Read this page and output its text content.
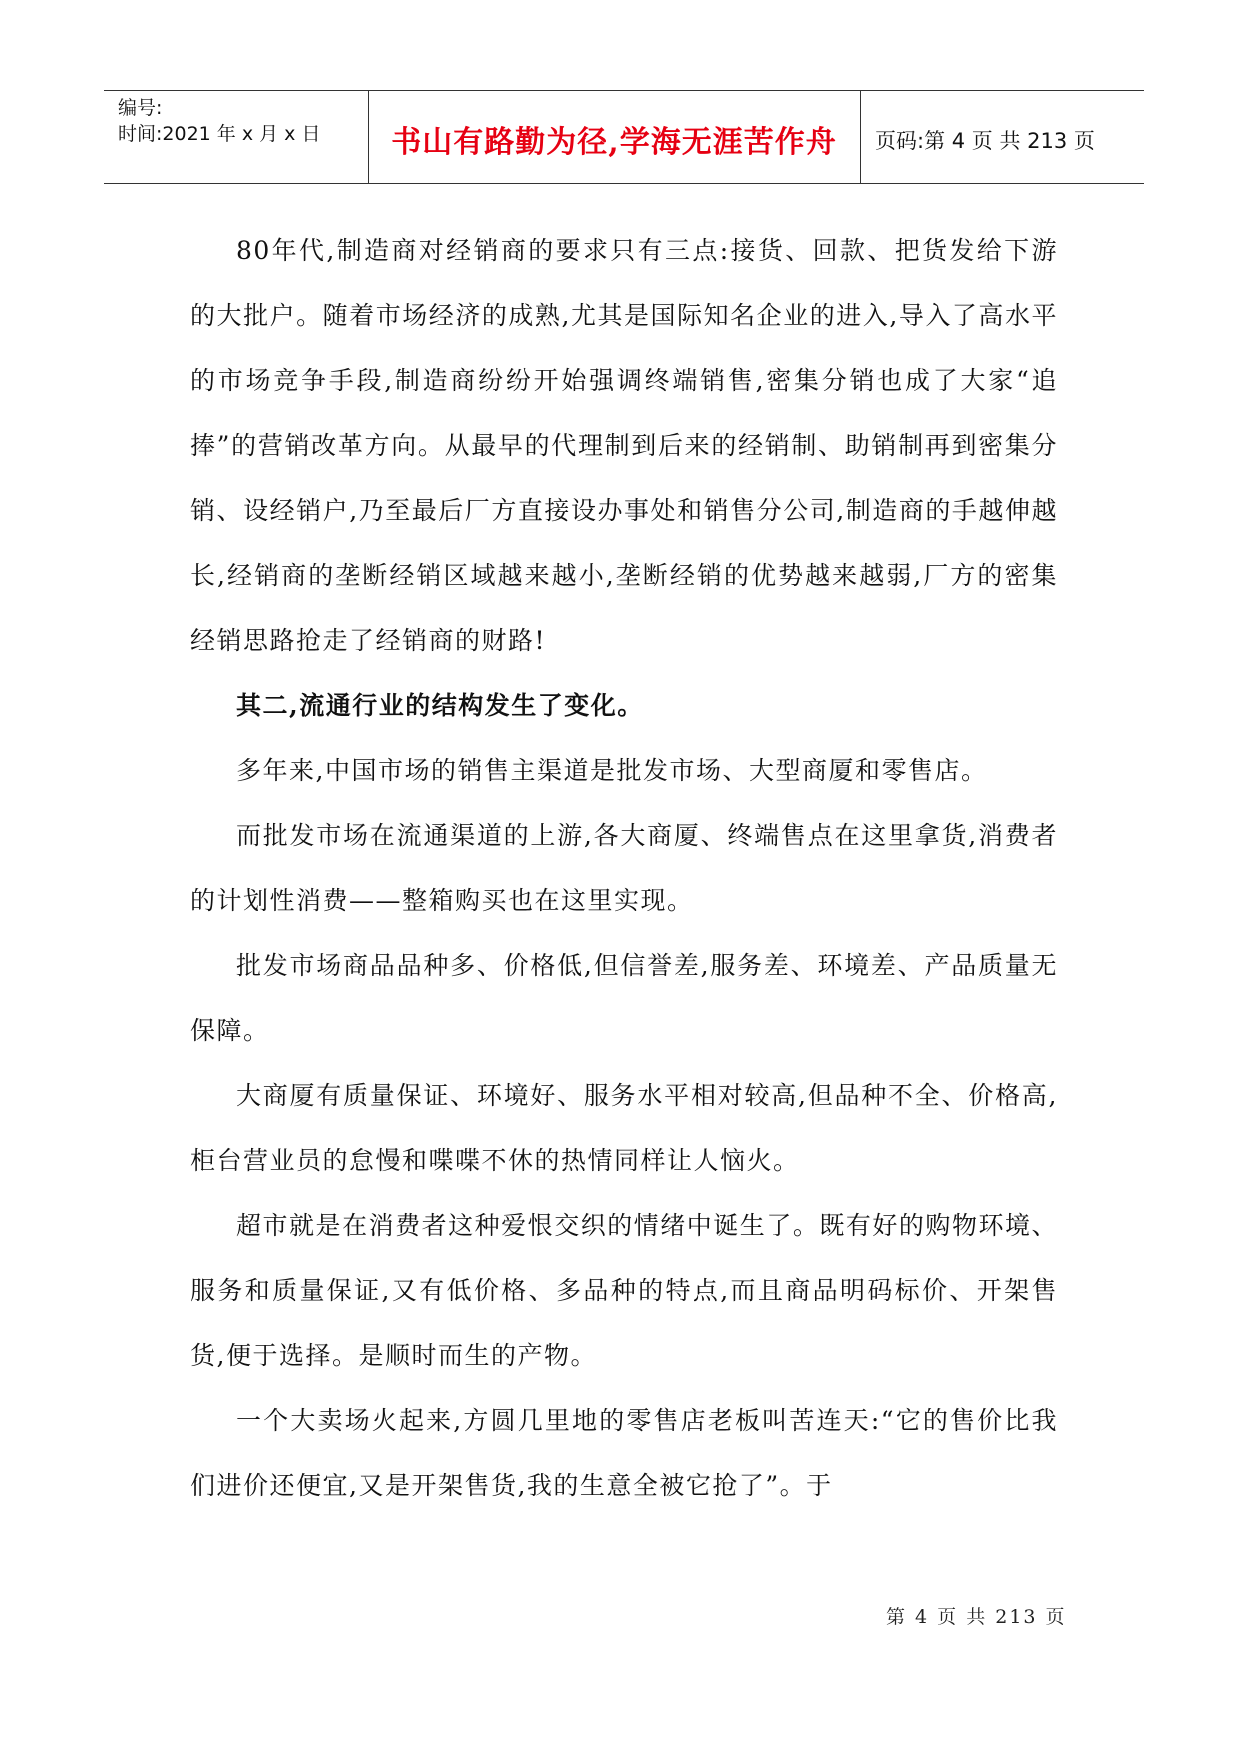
编号:
时间:2021 年 x 月 x 日	书山有路勤为径,学海无涯苦作舟	页码:第 4 页 共 213 页

80年代,制造商对经销商的要求只有三点:接货、回款、把货发给下游的大批户。随着市场经济的成熟,尤其是国际知名企业的进入,导入了高水平的市场竞争手段,制造商纷纷开始强调终端销售,密集分销也成了大家“追捧”的营销改革方向。从最早的代理制到后来的经销制、助销制再到密集分销、设经销户,乃至最后厂方直接设办事处和销售分公司,制造商的手越伸越长,经销商的垄断经销区域越来越小,垄断经销的优势越来越弱,厂方的密集经销思路抢走了经销商的财路!

其二,流通行业的结构发生了变化。

多年来,中国市场的销售主渠道是批发市场、大型商厦和零售店。

而批发市场在流通渠道的上游,各大商厦、终端售点在这里拿货,消费者的计划性消费——整箱购买也在这里实现。

批发市场商品品种多、价格低,但信誉差,服务差、环境差、产品质量无保障。

大商厦有质量保证、环境好、服务水平相对较高,但品种不全、价格高,柜台营业员的怠慢和喋喋不休的热情同样让人恼火。

超市就是在消费者这种爱恨交织的情绪中诞生了。既有好的购物环境、服务和质量保证,又有低价格、多品种的特点,而且商品明码标价、开架售货,便于选择。是顺时而生的产物。

一个大卖场火起来,方圆几里地的零售店老板叫苦连天:“它的售价比我们进价还便宜,又是开架售货,我的生意全被它抢了”。于

第 4 页 共 213 页
